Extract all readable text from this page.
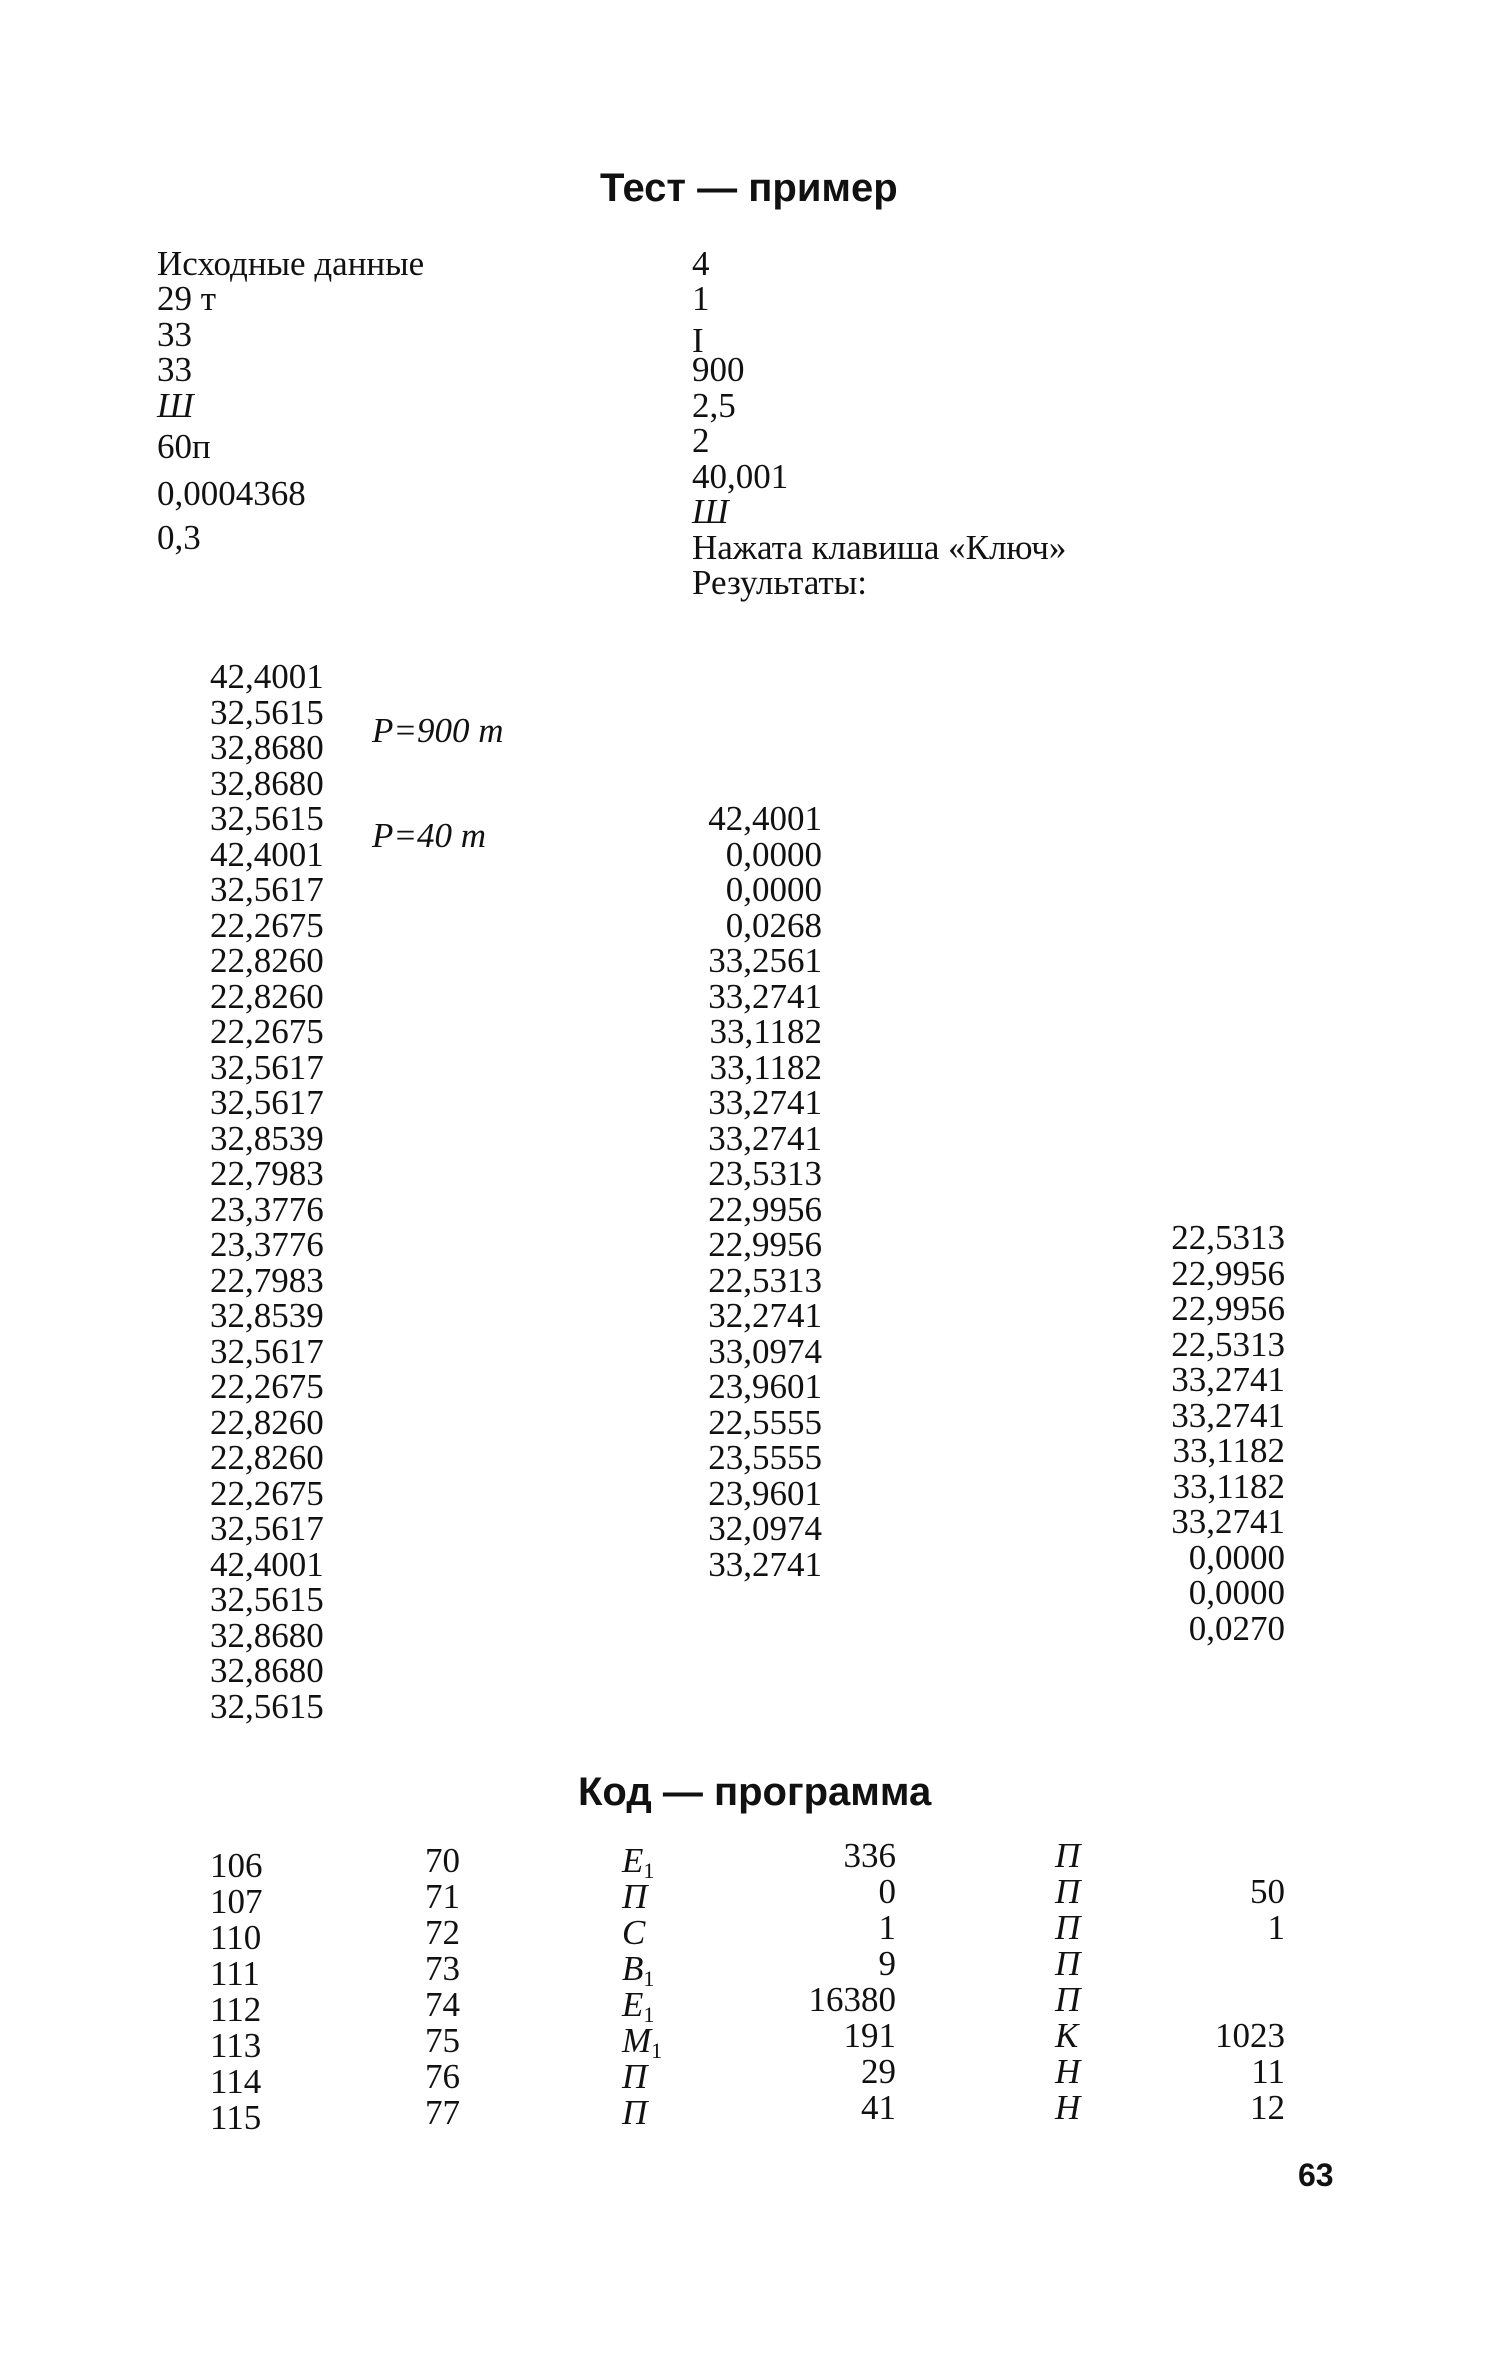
Тест — пример
Исходные данные
29 т
33
33
Ш
60п
0,0004368
0,3
4
1
I
900
2,5
2
40,001
Ш
Нажата клавиша «Ключ»
Результаты:
42,4001
32,5615
32,8680
32,8680
32,5615
42,4001
32,5617
22,2675
22,8260
22,8260
22,2675
32,5617
32,5617
32,8539
22,7983
23,3776
23,3776
22,7983
32,8539
32,5617
22,2675
22,8260
22,8260
22,2675
32,5617
42,4001
32,5615
32,8680
32,8680
32,5615
P=900 т
P=40 т	42,4001
0,0000
0,0000
0,0268
33,2561
33,2741
33,1182
33,1182
33,2741
33,2741
23,5313
22,9956
22,9956
22,5313
32,2741
33,0974
23,9601
22,5555
23,5555
23,9601
32,0974
33,2741
22,5313
22,9956
22,9956
22,5313
33,2741
33,2741
33,1182
33,1182
33,2741
0,0000
0,0000
0,0270
Код — программа
106
107
110
111
112
113
114
115
70
71
72
73
74
75
76
77
$E_1$
П
C
$B_1$
$E_1$
$M_1$
П
П
336
0
1
9
16380
191
29
41
П
П
П
П
П
K
H
H
50
1
1023
11
12
63
